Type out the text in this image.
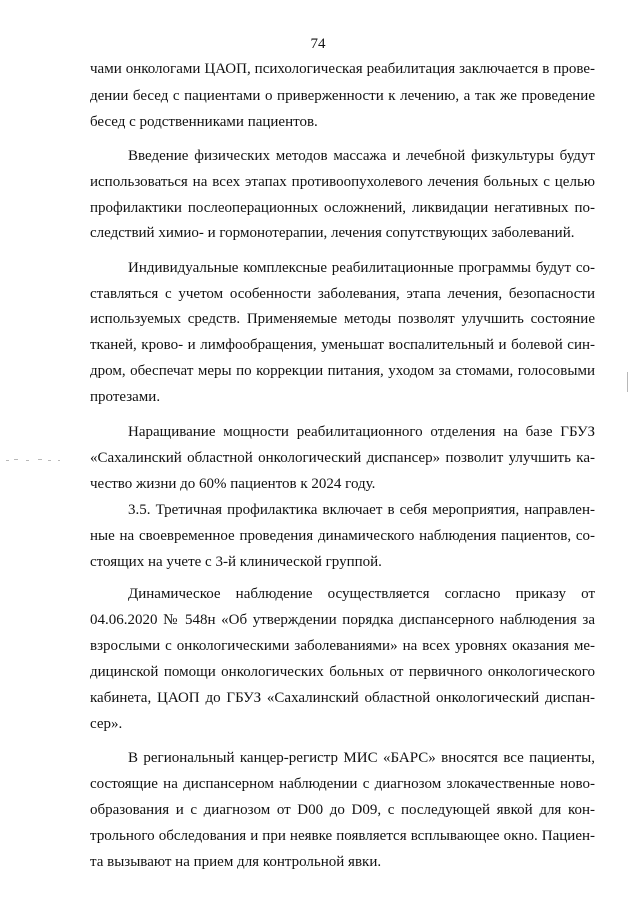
74
чами онкологами ЦАОП, психологическая реабилитация заключается в прове-
дении бесед с пациентами о приверженности к лечению, а так же проведение
бесед с родственниками пациентов.
Введение физических методов массажа и лечебной физкультуры будут
использоваться на всех этапах противоопухолевого лечения больных с целью
профилактики послеоперационных осложнений, ликвидации негативных по-
следствий химио- и гормонотерапии, лечения сопутствующих заболеваний.
Индивидуальные комплексные реабилитационные программы будут со-
ставляться с учетом особенности заболевания, этапа лечения, безопасности
используемых средств. Применяемые методы позволят улучшить состояние
тканей, крово- и лимфообращения, уменьшат воспалительный и болевой син-
дром, обеспечат меры по коррекции питания, уходом за стомами, голосовыми
протезами.
Наращивание мощности реабилитационного отделения на базе ГБУЗ
«Сахалинский областной онкологический диспансер» позволит улучшить ка-
чество жизни до 60% пациентов к 2024 году.
3.5. Третичная профилактика включает в себя мероприятия, направлен-
ные на своевременное проведения динамического наблюдения пациентов, со-
стоящих на учете с 3-й клинической группой.
Динамическое наблюдение осуществляется согласно приказу от
04.06.2020 № 548н «Об утверждении порядка диспансерного наблюдения за
взрослыми с онкологическими заболеваниями» на всех уровнях оказания ме-
дицинской помощи онкологических больных от первичного онкологического
кабинета, ЦАОП до ГБУЗ «Сахалинский областной онкологический диспан-
сер».
В региональный канцер-регистр МИС «БАРС» вносятся все пациенты,
состоящие на диспансерном наблюдении с диагнозом злокачественные ново-
образования и с диагнозом от D00 до D09, с последующей явкой для кон-
трольного обследования и при неявке появляется всплывающее окно. Пациен-
та вызывают на прием для контрольной явки.
